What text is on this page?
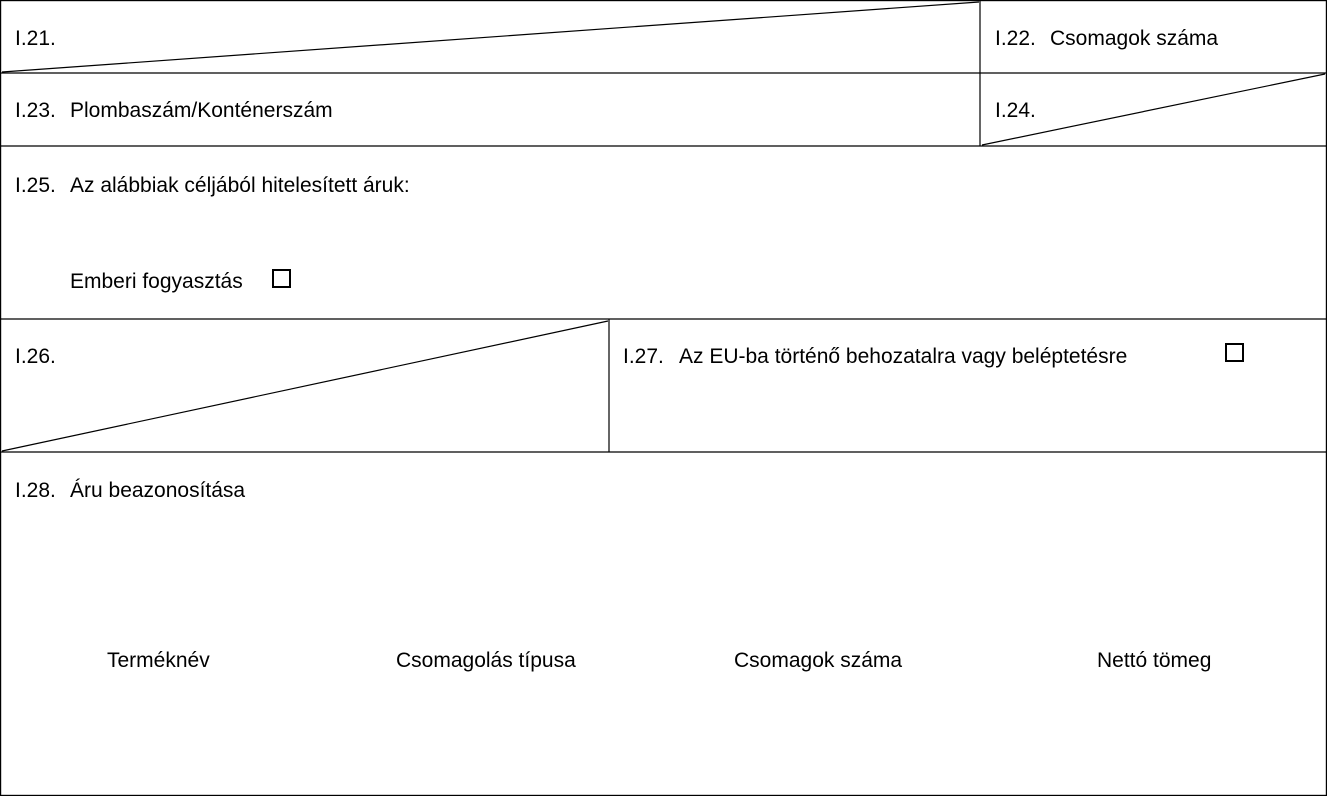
I.21.	I.22. Csomagok száma
I.23. Plombaszám/Konténerszám	I.24.
I.25. Az alábbiak céljából hitelesített áruk:
Emberi fogyasztás
I.26.	I.27. Az EU-ba történő behozatalra vagy beléptetésre
I.28. Áru beazonosítása
Terméknév	Csomagolás típusa	Csomagok száma	Nettó tömeg
